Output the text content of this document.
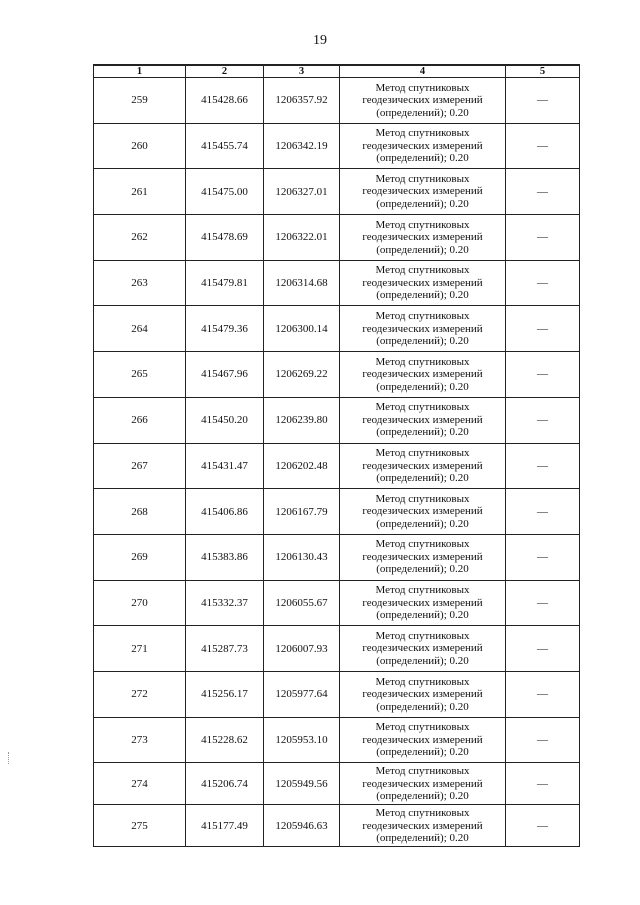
19
1	2	3	4	5
259	415428.66	1206357.92	Метод спутниковых
геодезических измерений
(определений); 0.20	—
260	415455.74	1206342.19	Метод спутниковых
геодезических измерений
(определений); 0.20	—
261	415475.00	1206327.01	Метод спутниковых
геодезических измерений
(определений); 0.20	—
262	415478.69	1206322.01	Метод спутниковых
геодезических измерений
(определений); 0.20	—
263	415479.81	1206314.68	Метод спутниковых
геодезических измерений
(определений); 0.20	—
264	415479.36	1206300.14	Метод спутниковых
геодезических измерений
(определений); 0.20	—
265	415467.96	1206269.22	Метод спутниковых
геодезических измерений
(определений); 0.20	—
266	415450.20	1206239.80	Метод спутниковых
геодезических измерений
(определений); 0.20	—
267	415431.47	1206202.48	Метод спутниковых
геодезических измерений
(определений); 0.20	—
268	415406.86	1206167.79	Метод спутниковых
геодезических измерений
(определений); 0.20	—
269	415383.86	1206130.43	Метод спутниковых
геодезических измерений
(определений); 0.20	—
270	415332.37	1206055.67	Метод спутниковых
геодезических измерений
(определений); 0.20	—
271	415287.73	1206007.93	Метод спутниковых
геодезических измерений
(определений); 0.20	—
272	415256.17	1205977.64	Метод спутниковых
геодезических измерений
(определений); 0.20	—
273	415228.62	1205953.10	Метод спутниковых
геодезических измерений
(определений); 0.20	—
274	415206.74	1205949.56	Метод спутниковых
геодезических измерений
(определений); 0.20	—
275	415177.49	1205946.63	Метод спутниковых
геодезических измерений
(определений); 0.20	—
